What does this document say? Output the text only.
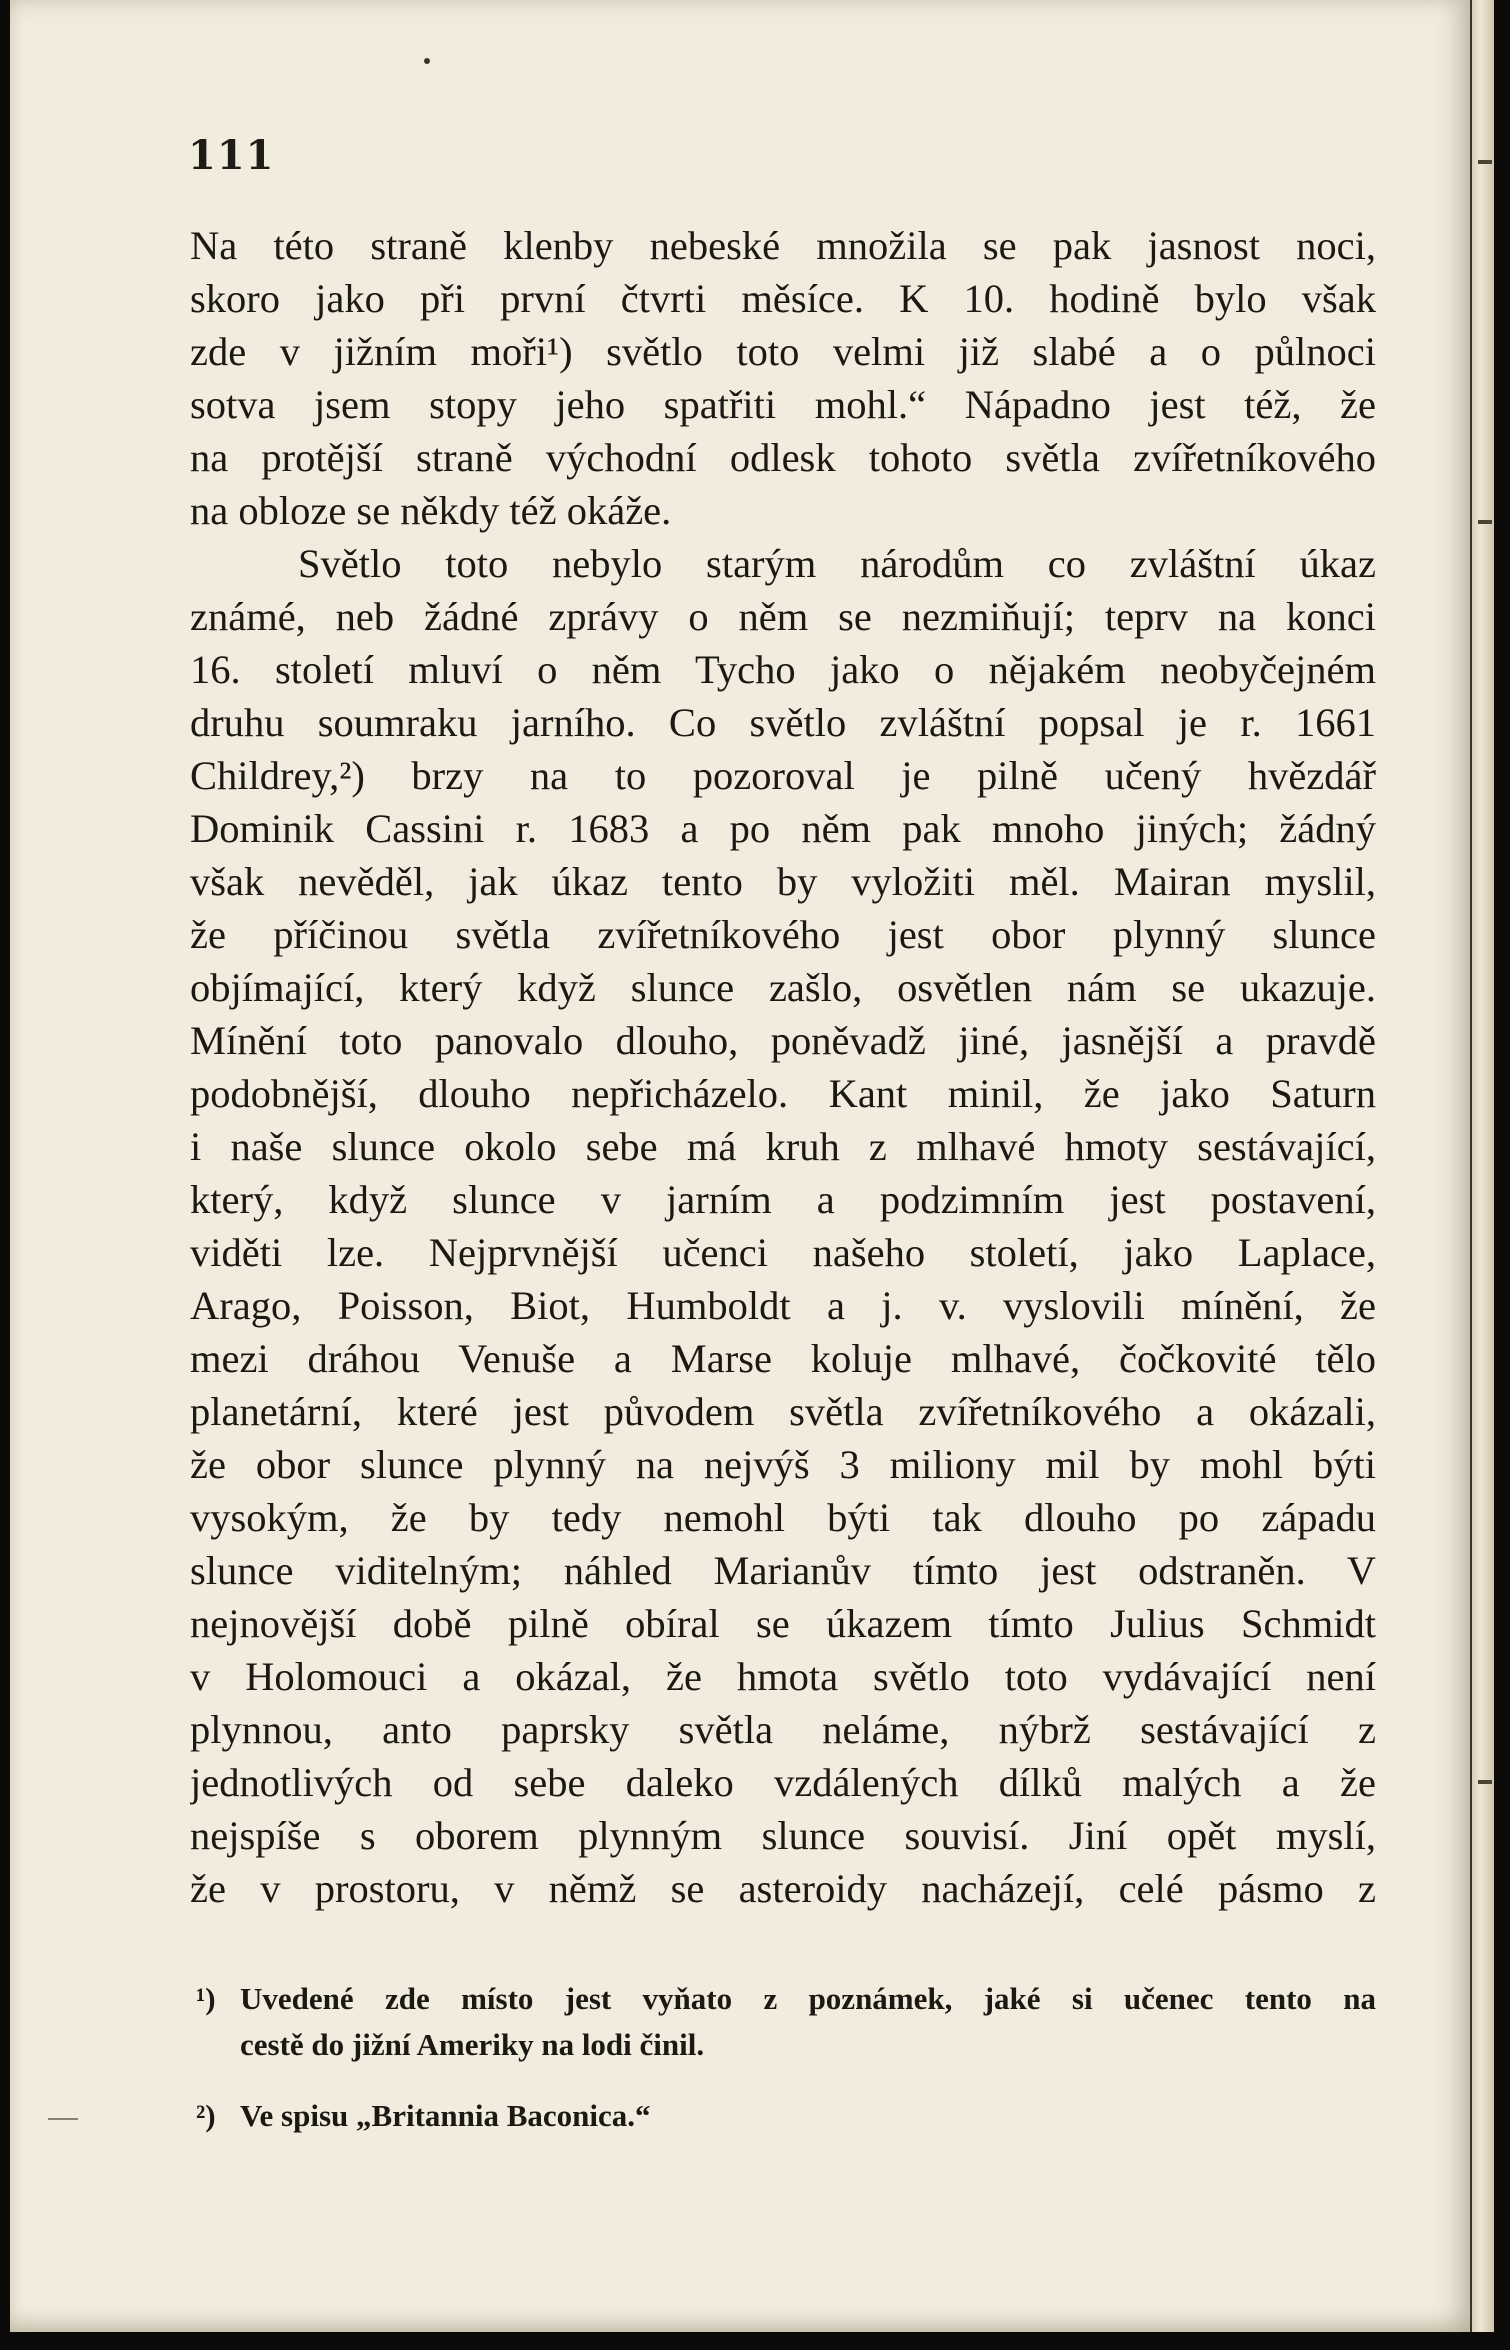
111
Na této straně klenby nebeské množila se pak jasnost noci,
skoro jako při první čtvrti měsíce. K 10. hodině bylo však
zde v jižním moři¹) světlo toto velmi již slabé a o půlnoci
sotva jsem stopy jeho spatřiti mohl.“ Nápadno jest též, že
na protější straně východní odlesk tohoto světla zvířetníkového
na obloze se někdy též okáže.
Světlo toto nebylo starým národům co zvláštní úkaz
známé, neb žádné zprávy o něm se nezmiňují; teprv na konci
16. století mluví o něm Tycho jako o nějakém neobyčejném
druhu soumraku jarního. Co světlo zvláštní popsal je r. 1661
Childrey,²) brzy na to pozoroval je pilně učený hvězdář
Dominik Cassini r. 1683 a po něm pak mnoho jiných; žádný
však nevěděl, jak úkaz tento by vyložiti měl. Mairan myslil,
že příčinou světla zvířetníkového jest obor plynný slunce
objímající, který když slunce zašlo, osvětlen nám se ukazuje.
Mínění toto panovalo dlouho, poněvadž jiné, jasnější a pravdě
podobnější, dlouho nepřicházelo. Kant minil, že jako Saturn
i naše slunce okolo sebe má kruh z mlhavé hmoty sestávající,
který, když slunce v jarním a podzimním jest postavení,
viděti lze. Nejprvnější učenci našeho století, jako Laplace,
Arago, Poisson, Biot, Humboldt a j. v. vyslovili mínění, že
mezi dráhou Venuše a Marse koluje mlhavé, čočkovité tělo
planetární, které jest původem světla zvířetníkového a okázali,
že obor slunce plynný na nejvýš 3 miliony mil by mohl býti
vysokým, že by tedy nemohl býti tak dlouho po západu
slunce viditelným; náhled Marianův tímto jest odstraněn. V
nejnovější době pilně obíral se úkazem tímto Julius Schmidt
v Holomouci a okázal, že hmota světlo toto vydávající není
plynnou, anto paprsky světla neláme, nýbrž sestávající z
jednotlivých od sebe daleko vzdálených dílků malých a že
nejspíše s oborem plynným slunce souvisí. Jiní opět myslí,
že v prostoru, v němž se asteroidy nacházejí, celé pásmo z
¹) Uvedené zde místo jest vyňato z poznámek, jaké si učenec tento na
cestě do jižní Ameriky na lodi činil.
²) Ve spisu „Britannia Baconica.“
